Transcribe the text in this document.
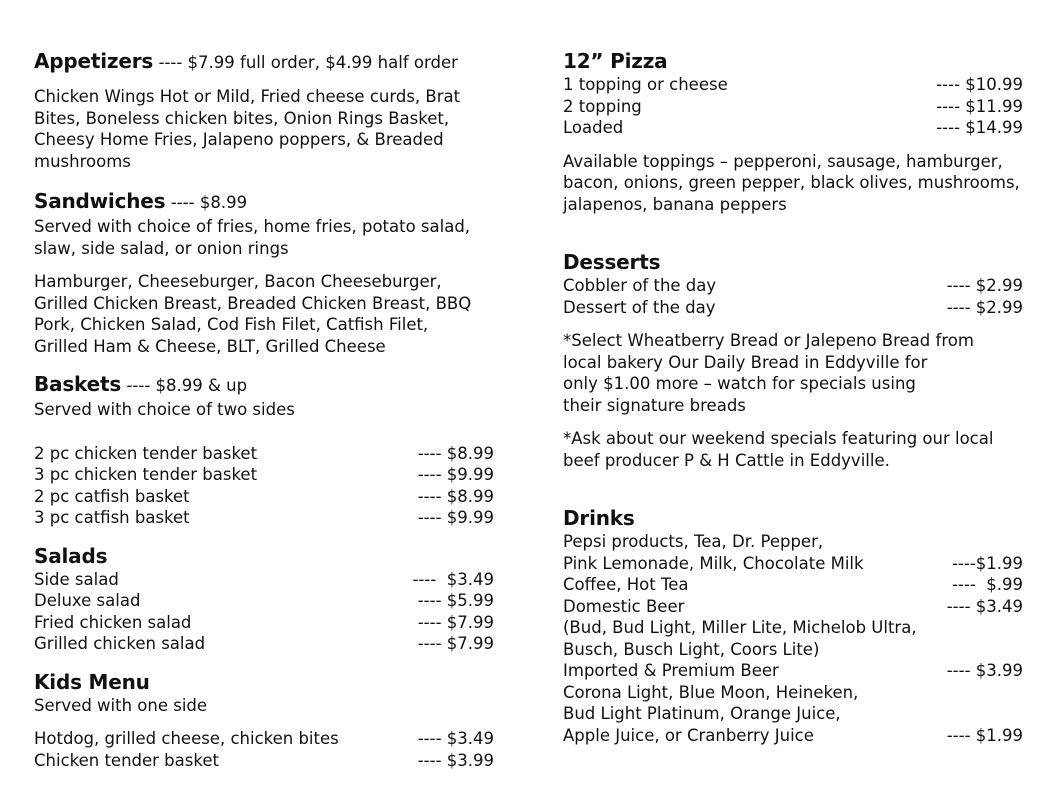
Appetizers ---- $7.99 full order, $4.99 half order
Chicken Wings Hot or Mild, Fried cheese curds, Brat
Bites, Boneless chicken bites, Onion Rings Basket,
Cheesy Home Fries, Jalapeno poppers, & Breaded
mushrooms
Sandwiches ---- $8.99
Served with choice of fries, home fries, potato salad,
slaw, side salad, or onion rings
Hamburger, Cheeseburger, Bacon Cheeseburger,
Grilled Chicken Breast, Breaded Chicken Breast, BBQ
Pork, Chicken Salad, Cod Fish Filet, Catfish Filet,
Grilled Ham & Cheese, BLT, Grilled Cheese
Baskets ---- $8.99 & up
Served with choice of two sides
2 pc chicken tender basket	---- $8.99
3 pc chicken tender basket	---- $9.99
2 pc catfish basket	---- $8.99
3 pc catfish basket	---- $9.99
Salads
Side salad	----  $3.49
Deluxe salad	---- $5.99
Fried chicken salad	---- $7.99
Grilled chicken salad	---- $7.99
Kids Menu
Served with one side
Hotdog, grilled cheese, chicken bites	---- $3.49
Chicken tender basket	---- $3.99
12” Pizza
1 topping or cheese	---- $10.99
2 topping	---- $11.99
Loaded	---- $14.99
Available toppings – pepperoni, sausage, hamburger,
bacon, onions, green pepper, black olives, mushrooms,
jalapenos, banana peppers
Desserts
Cobbler of the day	---- $2.99
Dessert of the day	---- $2.99
*Select Wheatberry Bread or Jalepeno Bread from
local bakery Our Daily Bread in Eddyville for
only $1.00 more – watch for specials using
their signature breads
*Ask about our weekend specials featuring our local
beef producer P & H Cattle in Eddyville.
Drinks
Pepsi products, Tea, Dr. Pepper,
Pink Lemonade, Milk, Chocolate Milk	----$1.99
Coffee, Hot Tea	----  $.99
Domestic Beer	---- $3.49
(Bud, Bud Light, Miller Lite, Michelob Ultra,
Busch, Busch Light, Coors Lite)
Imported & Premium Beer	---- $3.99
Corona Light, Blue Moon, Heineken,
Bud Light Platinum, Orange Juice,
Apple Juice, or Cranberry Juice	---- $1.99
